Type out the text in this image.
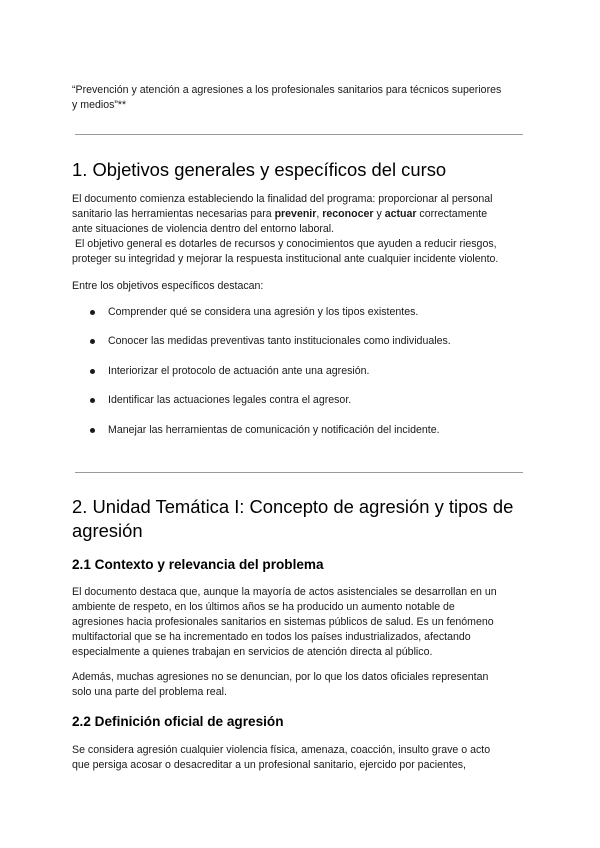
“Prevención y atención a agresiones a los profesionales sanitarios para técnicos superiores
y medios”**
1. Objetivos generales y específicos del curso
El documento comienza estableciendo la finalidad del programa: proporcionar al personal
sanitario las herramientas necesarias para prevenir, reconocer y actuar correctamente
ante situaciones de violencia dentro del entorno laboral.
El objetivo general es dotarles de recursos y conocimientos que ayuden a reducir riesgos,
proteger su integridad y mejorar la respuesta institucional ante cualquier incidente violento.
Entre los objetivos específicos destacan:
Comprender qué se considera una agresión y los tipos existentes.
Conocer las medidas preventivas tanto institucionales como individuales.
Interiorizar el protocolo de actuación ante una agresión.
Identificar las actuaciones legales contra el agresor.
Manejar las herramientas de comunicación y notificación del incidente.
2. Unidad Temática I: Concepto de agresión y tipos de
agresión
2.1 Contexto y relevancia del problema
El documento destaca que, aunque la mayoría de actos asistenciales se desarrollan en un
ambiente de respeto, en los últimos años se ha producido un aumento notable de
agresiones hacia profesionales sanitarios en sistemas públicos de salud. Es un fenómeno
multifactorial que se ha incrementado en todos los países industrializados, afectando
especialmente a quienes trabajan en servicios de atención directa al público.
Además, muchas agresiones no se denuncian, por lo que los datos oficiales representan
solo una parte del problema real.
2.2 Definición oficial de agresión
Se considera agresión cualquier violencia física, amenaza, coacción, insulto grave o acto
que persiga acosar o desacreditar a un profesional sanitario, ejercido por pacientes,
